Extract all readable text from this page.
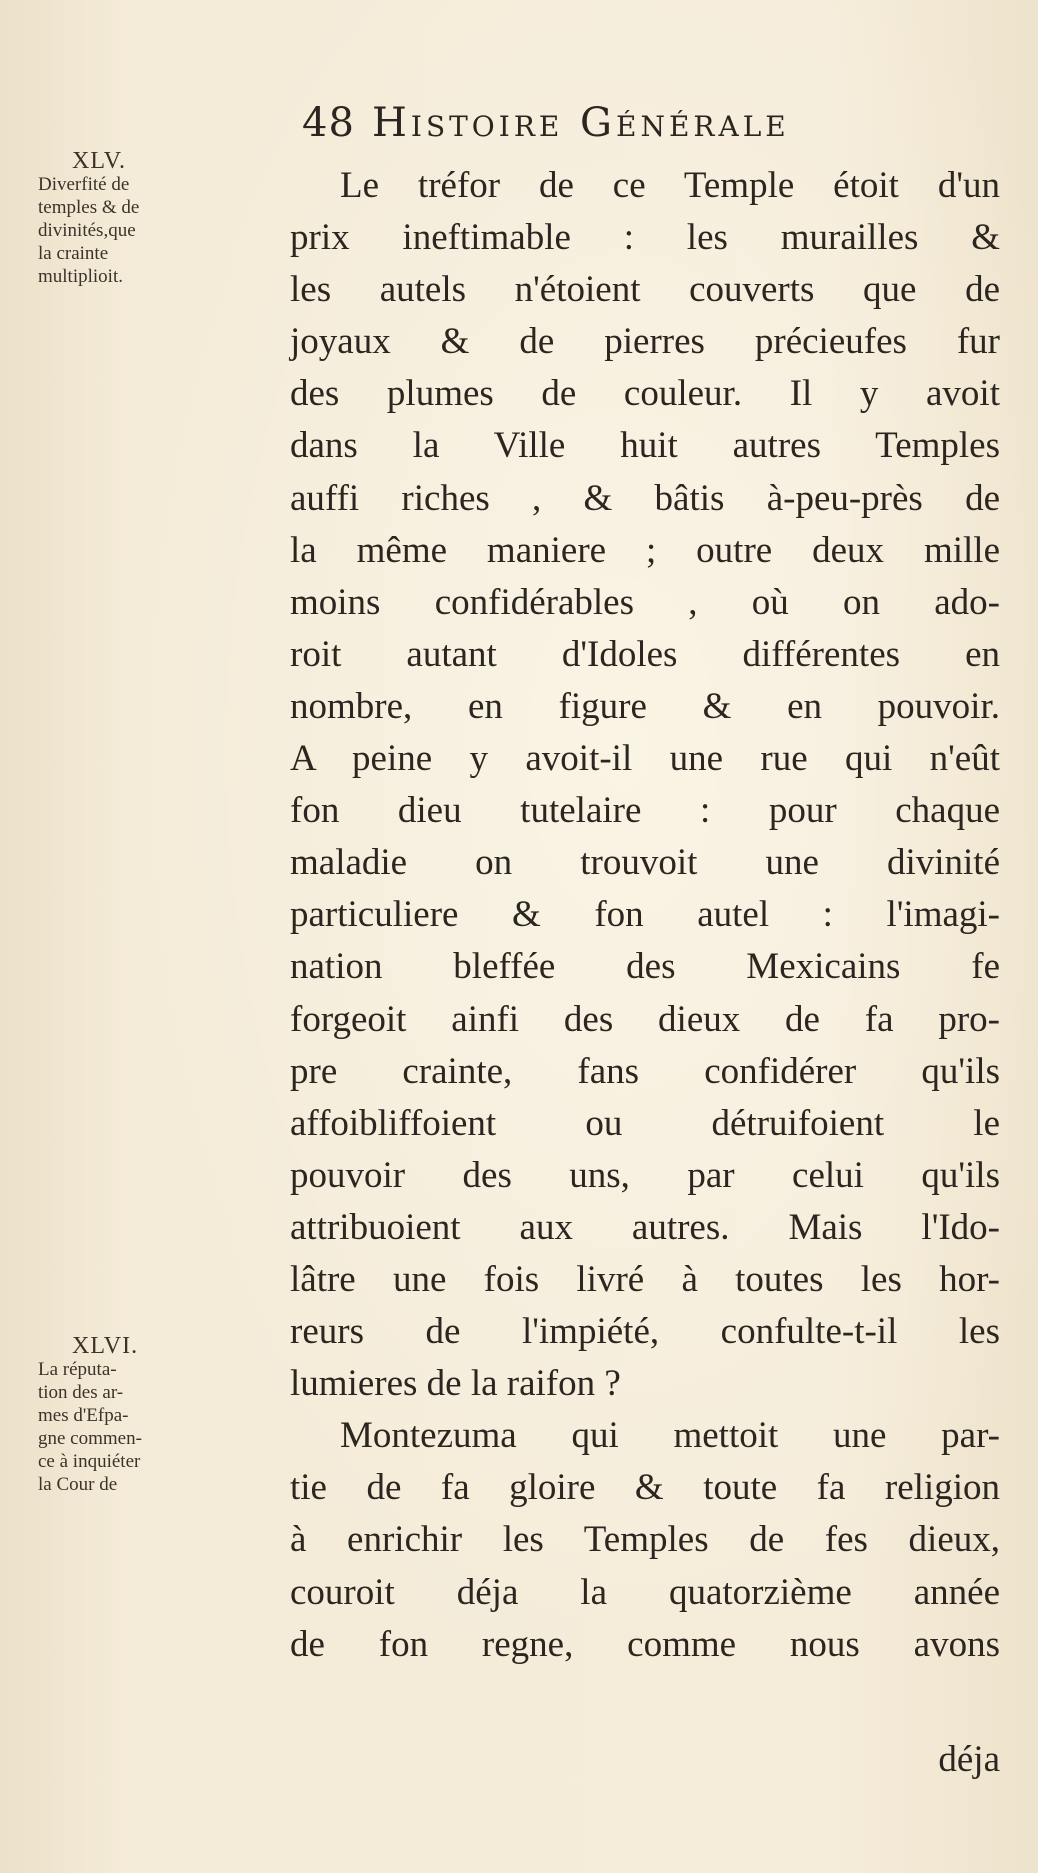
48 Histoire Générale
XLV.
Diverfité de
temples & de
divinités,que
la crainte
multiplioit.
XLVI.
La réputa-
tion des ar-
mes d'Efpa-
gne commen-
ce à inquiéter
la Cour de
Le tréfor de ce Temple étoit d'un
prix ineftimable : les murailles &
les autels n'étoient couverts que de
joyaux & de pierres précieufes fur
des plumes de couleur. Il y avoit
dans la Ville huit autres Temples
auffi riches , & bâtis à-peu-près de
la même maniere ; outre deux mille
moins confidérables , où on ado-
roit autant d'Idoles différentes en
nombre, en figure & en pouvoir.
A peine y avoit-il une rue qui n'eût
fon dieu tutelaire : pour chaque
maladie on trouvoit une divinité
particuliere & fon autel : l'imagi-
nation bleffée des Mexicains fe
forgeoit ainfi des dieux de fa pro-
pre crainte, fans confidérer qu'ils
affoibliffoient ou détruifoient le
pouvoir des uns, par celui qu'ils
attribuoient aux autres. Mais l'Ido-
lâtre une fois livré à toutes les hor-
reurs de l'impiété, confulte-t-il les
lumieres de la raifon ?
Montezuma qui mettoit une par-
tie de fa gloire & toute fa religion
à enrichir les Temples de fes dieux,
couroit déja la quatorzième année
de fon regne, comme nous avons
déja
